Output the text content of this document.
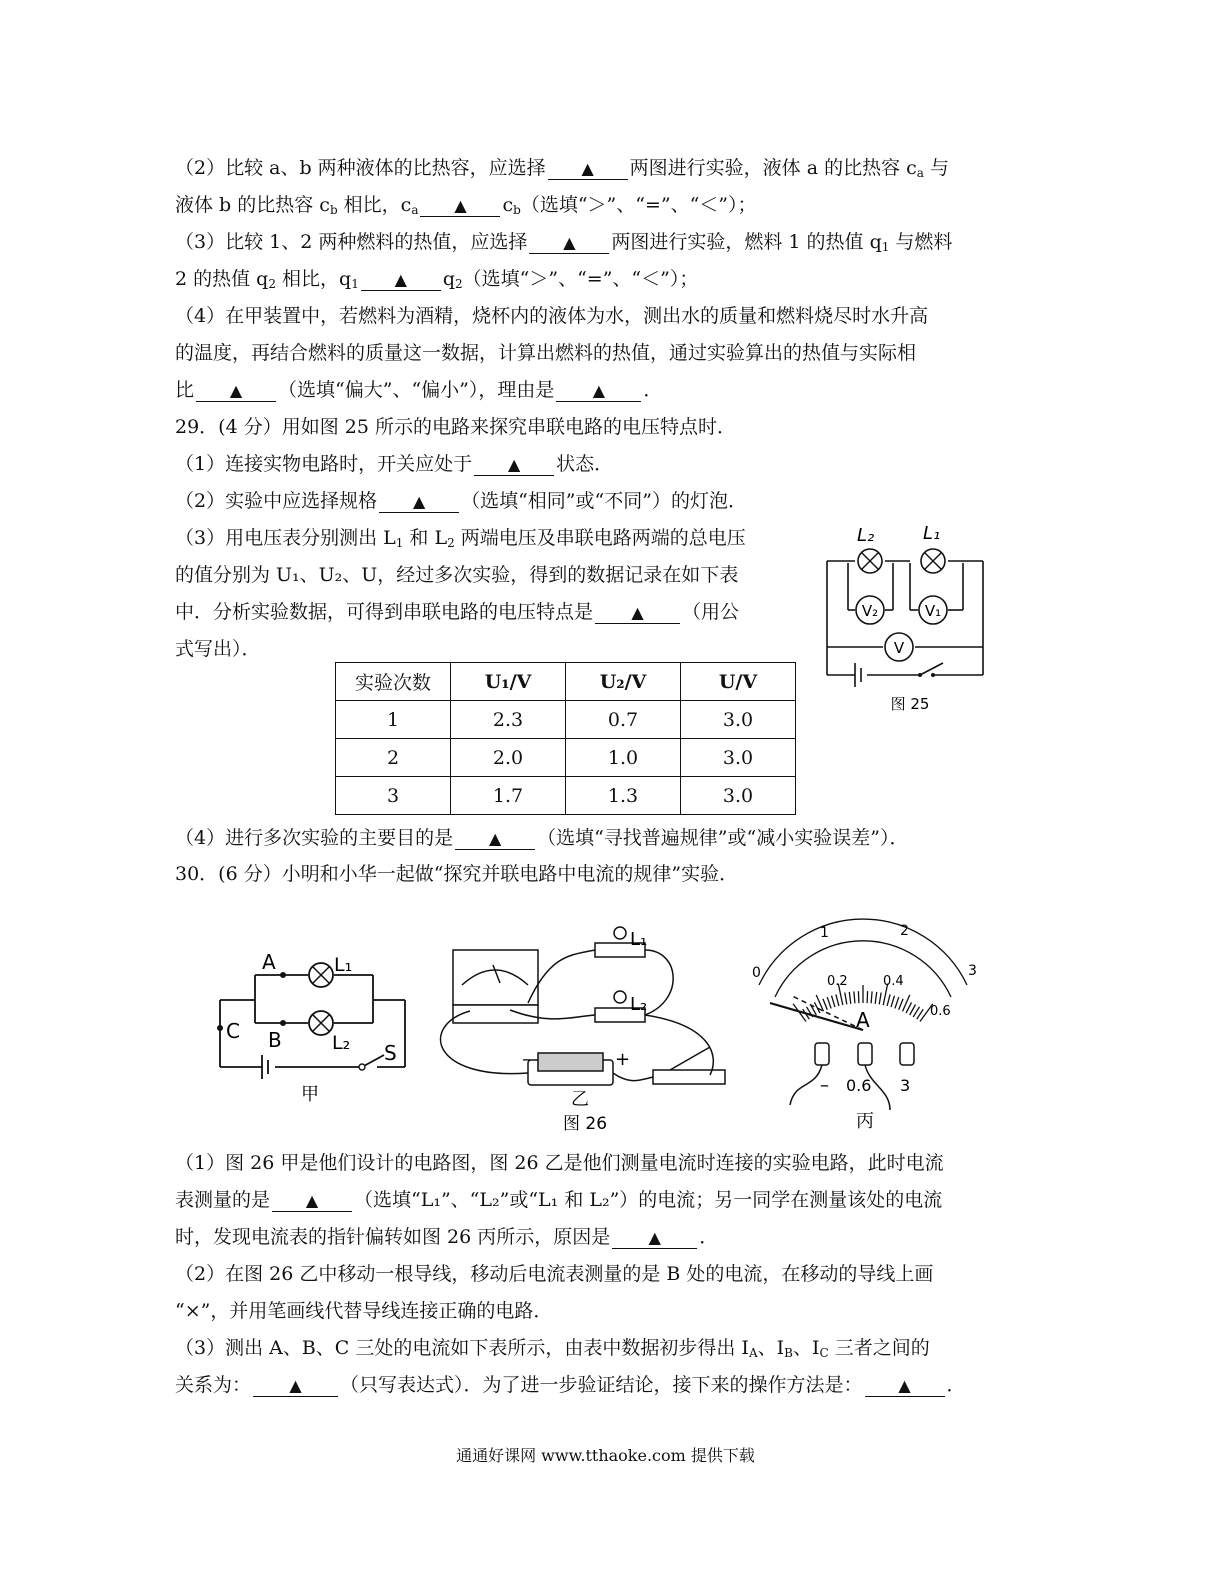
（2）比较 a、b 两种液体的比热容，应选择 ▲ 两图进行实验，液体 a 的比热容 $c_a$ 与
液体 b 的比热容 $c_b$ 相比，$c_a$ ▲ $c_b$（选填“＞”、“=”、“＜”）；
（3）比较 1、2 两种燃料的热值，应选择 ▲ 两图进行实验，燃料 1 的热值 $q_1$ 与燃料
2 的热值 $q_2$ 相比，$q_1$ ▲ $q_2$（选填“＞”、“=”、“＜”）；
（4）在甲装置中，若燃料为酒精，烧杯内的液体为水，测出水的质量和燃料烧尽时水升高
的温度，再结合燃料的质量这一数据，计算出燃料的热值，通过实验算出的热值与实际相
比 ▲ （选填“偏大”、“偏小”），理由是 ▲ ．
29．(4 分）用如图 25 所示的电路来探究串联电路的电压特点时．
（1）连接实物电路时，开关应处于 ▲ 状态．
（2）实验中应选择规格 ▲ （选填“相同”或“不同”）的灯泡．
（3）用电压表分别测出 $L_1$ 和 $L_2$ 两端电压及串联电路两端的总电压
的值分别为 U₁、U₂、U，经过多次实验，得到的数据记录在如下表
中．分析实验数据，可得到串联电路的电压特点是 ▲ （用公
式写出）．
实验次数	U₁/V	U₂/V	U/V
1	2.3	0.7	3.0
2	2.0	1.0	3.0
3	1.7	1.3	3.0
L₂	L₁
V₂	V₁
V
图 25
（4）进行多次实验的主要目的是 ▲ （选填“寻找普遍规律”或“减小实验误差”）．
30．(6 分）小明和小华一起做“探究并联电路中电流的规律”实验．
A
B
C
L₁
L₂ S
甲
L₁
L₂
–	+
乙
图 26
0
1	2
3
0.2	0.4
0.6
A
– 0.6 3
丙
（1）图 26 甲是他们设计的电路图，图 26 乙是他们测量电流时连接的实验电路，此时电流
表测量的是 ▲ （选填“L₁”、“L₂”或“L₁ 和 L₂”）的电流；另一同学在测量该处的电流
时，发现电流表的指针偏转如图 26 丙所示，原因是 ▲ ．
（2）在图 26 乙中移动一根导线，移动后电流表测量的是 B 处的电流，在移动的导线上画
“×”，并用笔画线代替导线连接正确的电路．
（3）测出 A、B、C 三处的电流如下表所示，由表中数据初步得出 $I_A$、$I_B$、$I_C$ 三者之间的
关系为： ▲ （只写表达式）．为了进一步验证结论，接下来的操作方法是： ▲ ．
通通好课网 www.tthaoke.com 提供下载
